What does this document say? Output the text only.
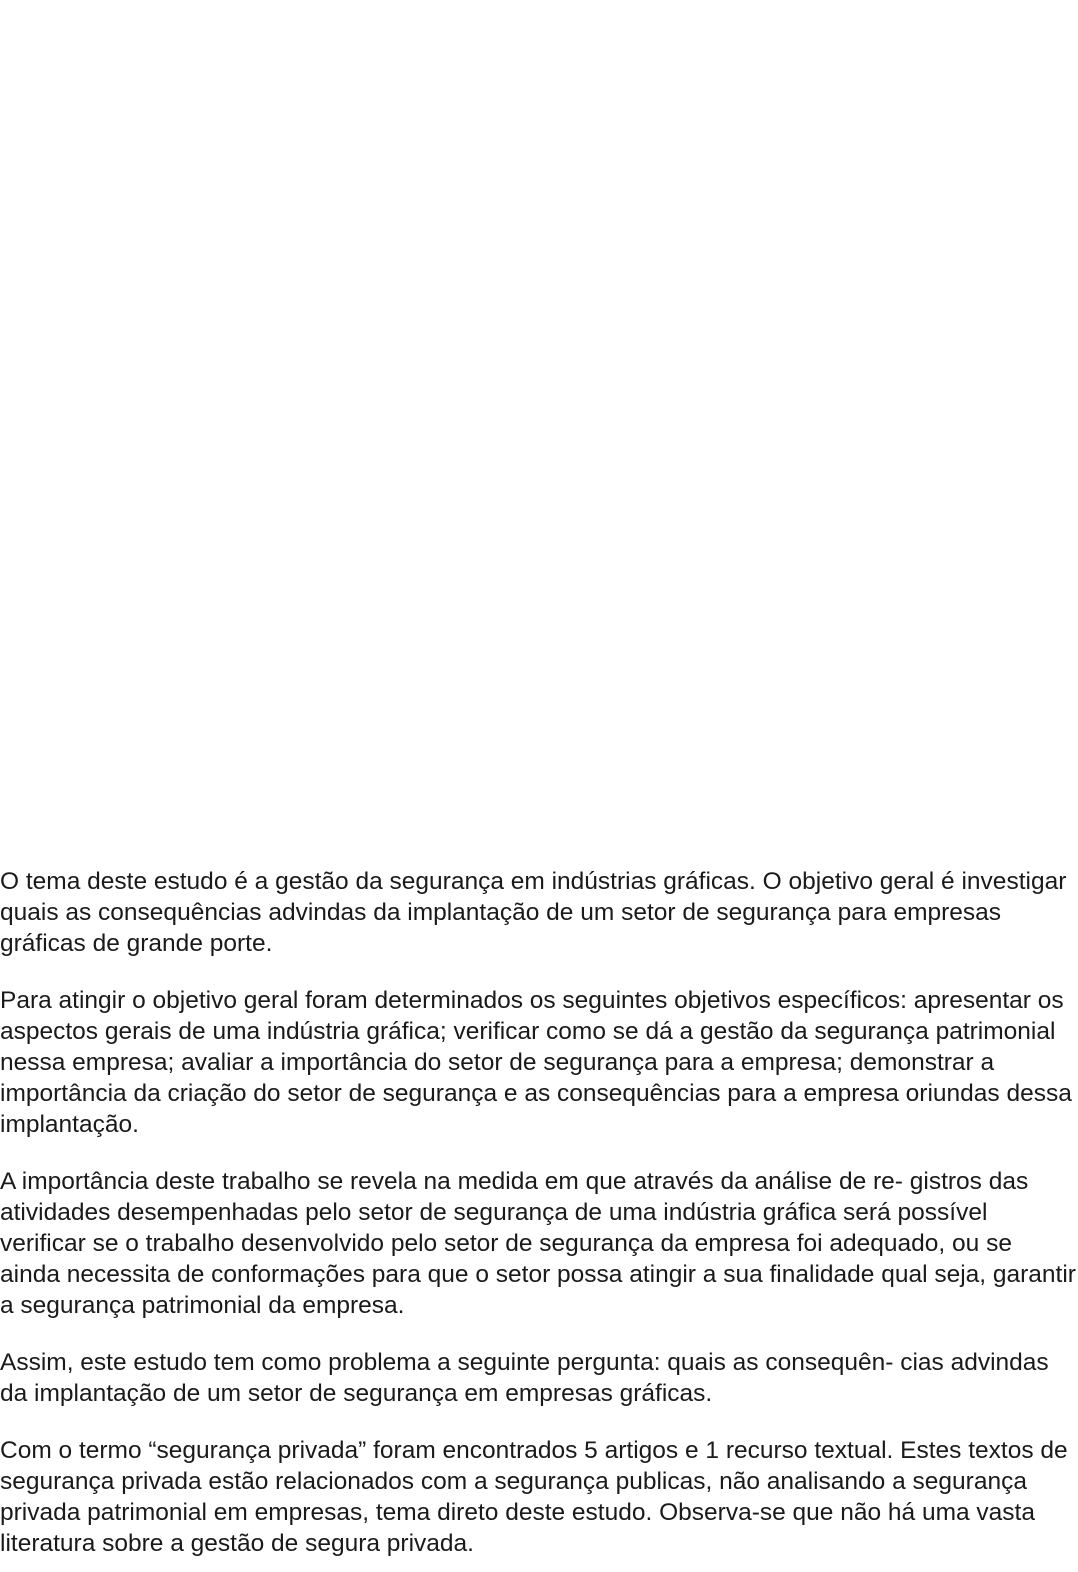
O tema deste estudo é a gestão da segurança em indústrias gráficas. O objetivo geral é investigar quais as consequências advindas da implantação de um setor de segurança para empresas gráficas de grande porte.

Para atingir o objetivo geral foram determinados os seguintes objetivos específicos: apresentar os aspectos gerais de uma indústria gráfica; verificar como se dá a gestão da segurança patrimonial nessa empresa; avaliar a importância do setor de segurança para a empresa; demonstrar a importância da criação do setor de segurança e as consequências para a empresa oriundas dessa implantação.

A importância deste trabalho se revela na medida em que através da análise de re- gistros das atividades desempenhadas pelo setor de segurança de uma indústria gráfica será possível verificar se o trabalho desenvolvido pelo setor de segurança da empresa foi adequado, ou se ainda necessita de conformações para que o setor possa atingir a sua finalidade qual seja, garantir a segurança patrimonial da empresa.

Assim, este estudo tem como problema a seguinte pergunta: quais as consequên- cias advindas da implantação de um setor de segurança em empresas gráficas.

Com o termo “segurança privada” foram encontrados 5 artigos e 1 recurso textual. Estes textos de segurança privada estão relacionados com a segurança publicas, não analisando a segurança privada patrimonial em empresas, tema direto deste estudo. Observa-se que não há uma vasta literatura sobre a gestão de segura privada.
